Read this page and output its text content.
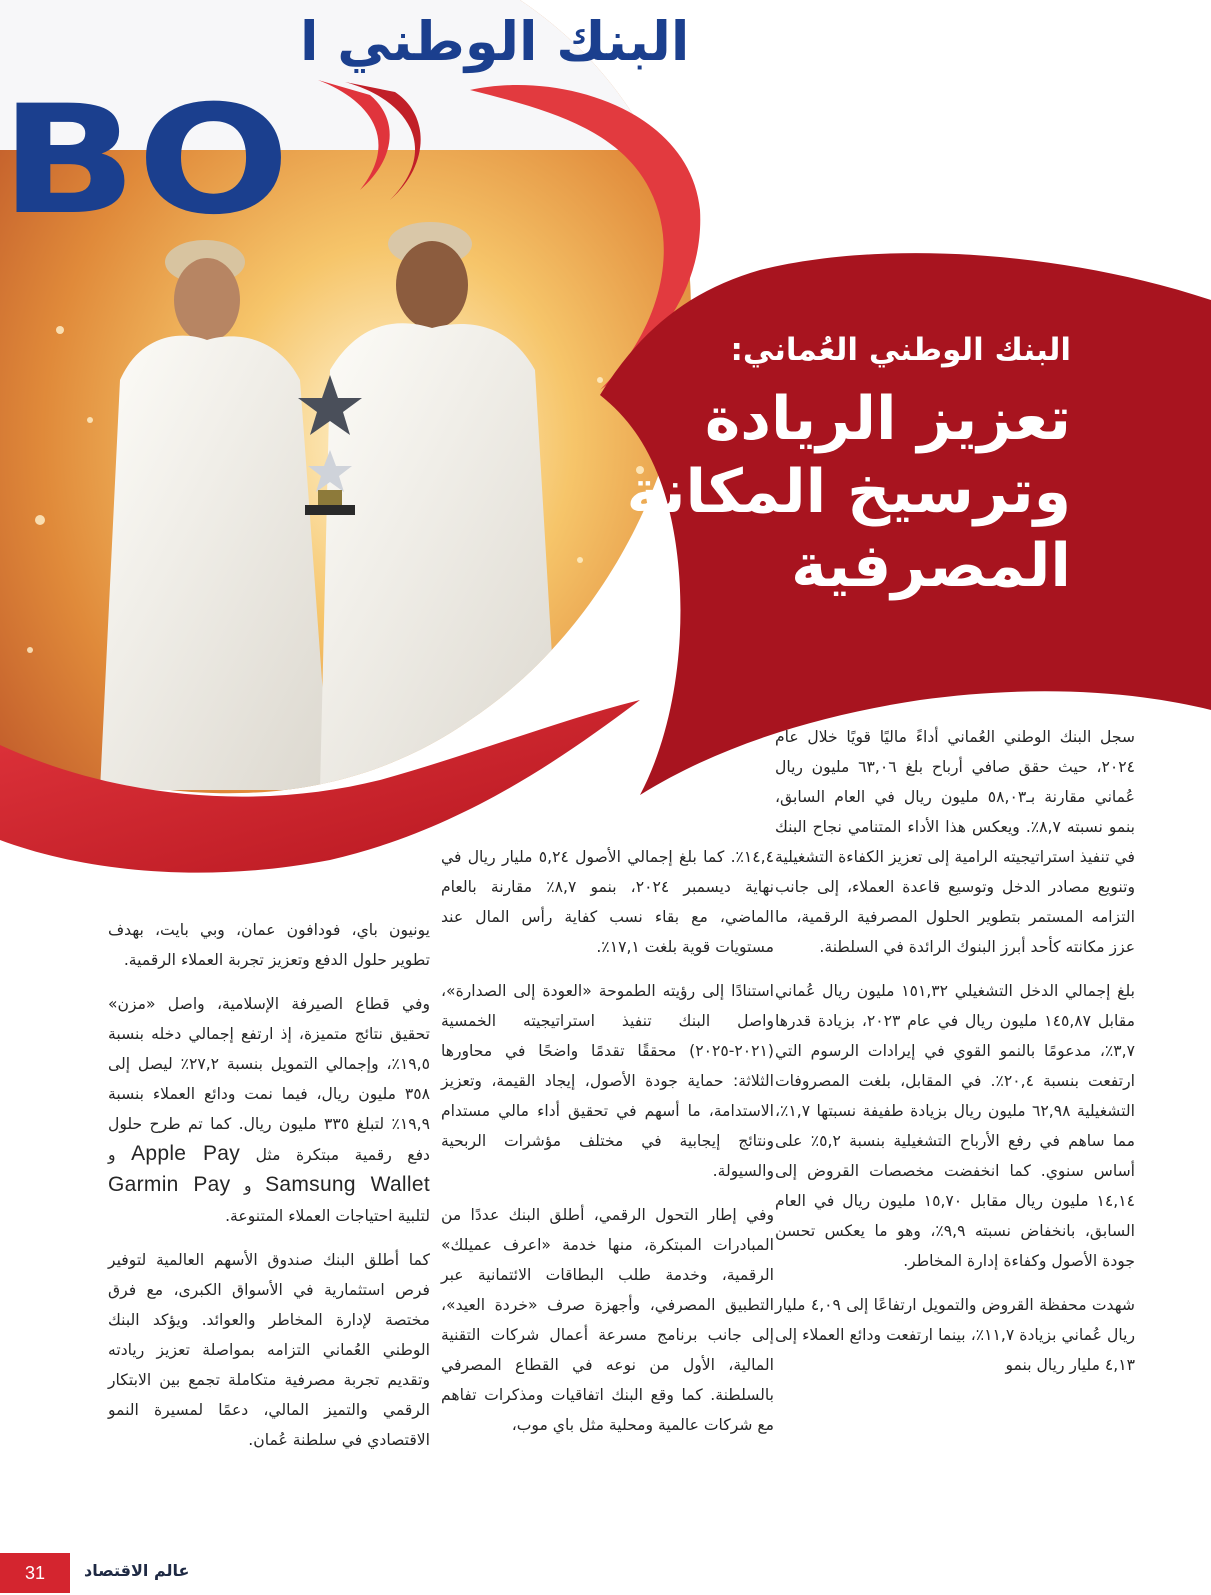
البنك الوطني ا
BO
البنك الوطني العُماني:
تعزيز الريادة
وترسيخ المكانة
المصرفية

سجل البنك الوطني العُماني أداءً ماليًا قويًا خلال عام ٢٠٢٤، حيث حقق صافي أرباح بلغ ٦٣,٠٦ مليون ريال عُماني مقارنة بـ٥٨,٠٣ مليون ريال في العام السابق، بنمو نسبته ٨,٧٪. ويعكس هذا الأداء المتنامي نجاح البنك في تنفيذ استراتيجيته الرامية إلى تعزيز الكفاءة التشغيلية وتنويع مصادر الدخل وتوسيع قاعدة العملاء، إلى جانب التزامه المستمر بتطوير الحلول المصرفية الرقمية، ما عزز مكانته كأحد أبرز البنوك الرائدة في السلطنة.

بلغ إجمالي الدخل التشغيلي ١٥١,٣٢ مليون ريال عُماني مقابل ١٤٥,٨٧ مليون ريال في عام ٢٠٢٣، بزيادة قدرها ٣,٧٪، مدعومًا بالنمو القوي في إيرادات الرسوم التي ارتفعت بنسبة ٢٠,٤٪. في المقابل، بلغت المصروفات التشغيلية ٦٢,٩٨ مليون ريال بزيادة طفيفة نسبتها ١,٧٪، مما ساهم في رفع الأرباح التشغيلية بنسبة ٥,٢٪ على أساس سنوي. كما انخفضت مخصصات القروض إلى ١٤,١٤ مليون ريال مقابل ١٥,٧٠ مليون ريال في العام السابق، بانخفاض نسبته ٩,٩٪، وهو ما يعكس تحسن جودة الأصول وكفاءة إدارة المخاطر.

شهدت محفظة القروض والتمويل ارتفاعًا إلى ٤,٠٩ مليار ريال عُماني بزيادة ١١,٧٪، بينما ارتفعت ودائع العملاء إلى ٤,١٣ مليار ريال بنمو

١٤,٤٪. كما بلغ إجمالي الأصول ٥,٢٤ مليار ريال في نهاية ديسمبر ٢٠٢٤، بنمو ٨,٧٪ مقارنة بالعام الماضي، مع بقاء نسب كفاية رأس المال عند مستويات قوية بلغت ١٧,١٪.

استنادًا إلى رؤيته الطموحة «العودة إلى الصدارة»، واصل البنك تنفيذ استراتيجيته الخمسية (٢٠٢١-٢٠٢٥) محققًا تقدمًا واضحًا في محاورها الثلاثة: حماية جودة الأصول، إيجاد القيمة، وتعزيز الاستدامة، ما أسهم في تحقيق أداء مالي مستدام ونتائج إيجابية في مختلف مؤشرات الربحية والسيولة.

وفي إطار التحول الرقمي، أطلق البنك عددًا من المبادرات المبتكرة، منها خدمة «اعرف عميلك» الرقمية، وخدمة طلب البطاقات الائتمانية عبر التطبيق المصرفي، وأجهزة صرف «خردة العيد»، إلى جانب برنامج مسرعة أعمال شركات التقنية المالية، الأول من نوعه في القطاع المصرفي بالسلطنة. كما وقع البنك اتفاقيات ومذكرات تفاهم مع شركات عالمية ومحلية مثل باي موب،

يونيون باي، فودافون عمان، وبي بايت، بهدف تطوير حلول الدفع وتعزيز تجربة العملاء الرقمية.

وفي قطاع الصيرفة الإسلامية، واصل «مزن» تحقيق نتائج متميزة، إذ ارتفع إجمالي دخله بنسبة ١٩,٥٪، وإجمالي التمويل بنسبة ٢٧,٢٪ ليصل إلى ٣٥٨ مليون ريال، فيما نمت ودائع العملاء بنسبة ١٩,٩٪ لتبلغ ٣٣٥ مليون ريال. كما تم طرح حلول دفع رقمية مبتكرة مثل Apple Pay و Samsung Wallet و Garmin Pay لتلبية احتياجات العملاء المتنوعة.

كما أطلق البنك صندوق الأسهم العالمية لتوفير فرص استثمارية في الأسواق الكبرى، مع فرق مختصة لإدارة المخاطر والعوائد. ويؤكد البنك الوطني العُماني التزامه بمواصلة تعزيز ريادته وتقديم تجربة مصرفية متكاملة تجمع بين الابتكار الرقمي والتميز المالي، دعمًا لمسيرة النمو الاقتصادي في سلطنة عُمان.

31	عالم الاقتصاد
